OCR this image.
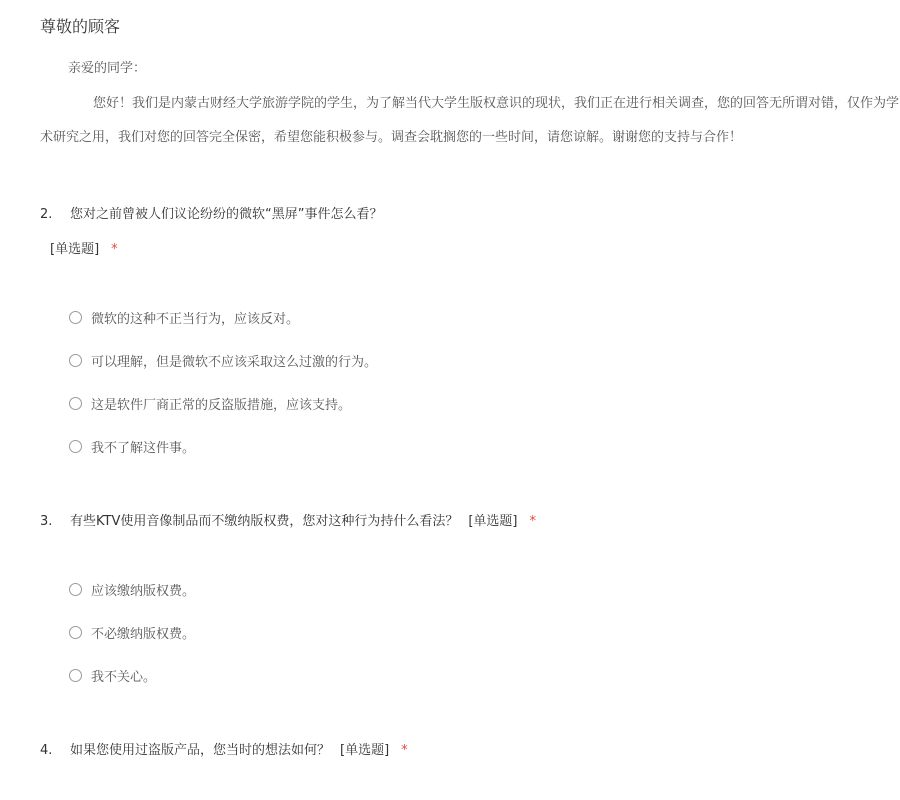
尊敬的顾客
亲爱的同学：

您好！我们是内蒙古财经大学旅游学院的学生，为了解当代大学生版权意识的现状，我们正在进行相关调查，您的回答无所谓对错，仅作为学术研究之用，我们对您的回答完全保密，希望您能积极参与。调查会耽搁您的一些时间，请您谅解。谢谢您的支持与合作！

2. 您对之前曾被人们议论纷纷的微软“黑屏”事件怎么看？
[单选题] *
微软的这种不正当行为，应该反对。
可以理解，但是微软不应该采取这么过激的行为。
这是软件厂商正常的反盗版措施，应该支持。
我不了解这件事。
3. 有些KTV使用音像制品而不缴纳版权费，您对这种行为持什么看法？ [单选题] *
应该缴纳版权费。
不必缴纳版权费。
我不关心。
4. 如果您使用过盗版产品，您当时的想法如何？ [单选题] *
